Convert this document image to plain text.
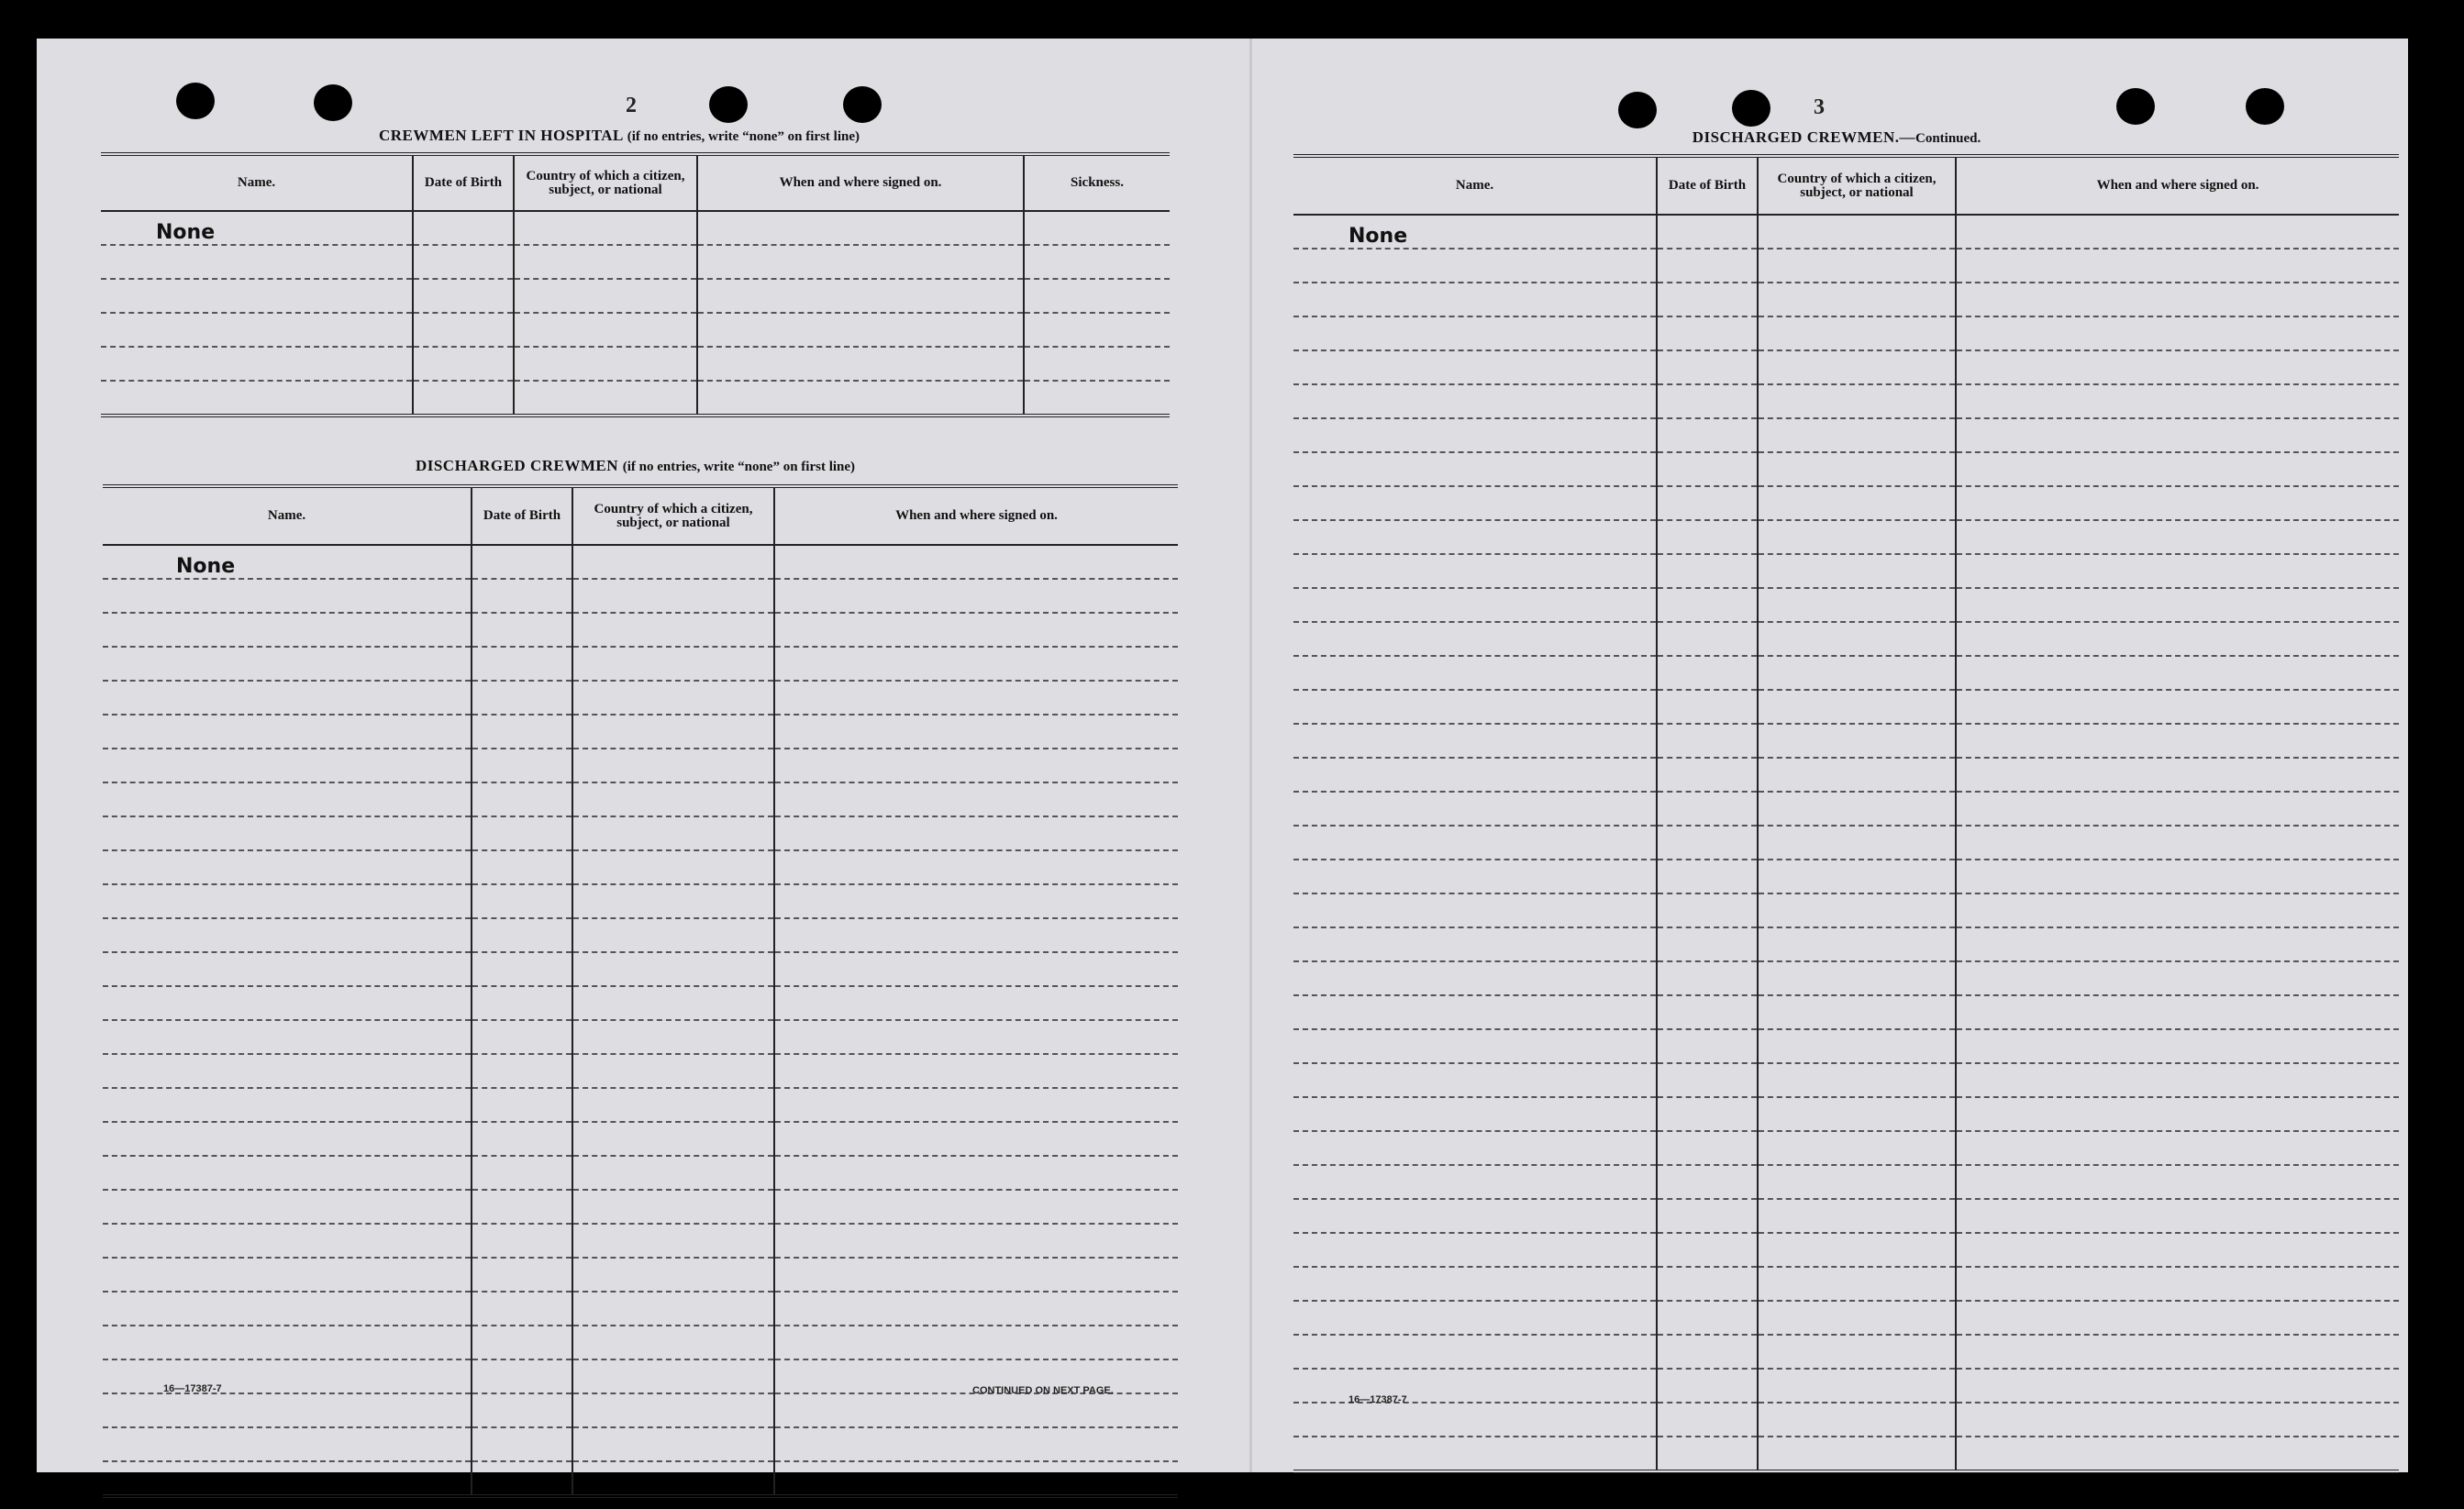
2
CREWMEN LEFT IN HOSPITAL (if no entries, write “none” on first line)
Name.	Date of Birth	Country of which a citizen, subject, or national	When and where signed on.	Sickness.
None				

DISCHARGED CREWMEN (if no entries, write “none” on first line)
Name.	Date of Birth	Country of which a citizen, subject, or national	When and where signed on.
None			

16—17387-7	CONTINUED ON NEXT PAGE.
3
DISCHARGED CREWMEN.—Continued.
Name.	Date of Birth	Country of which a citizen, subject, or national	When and where signed on.
None			

16—17387-7
